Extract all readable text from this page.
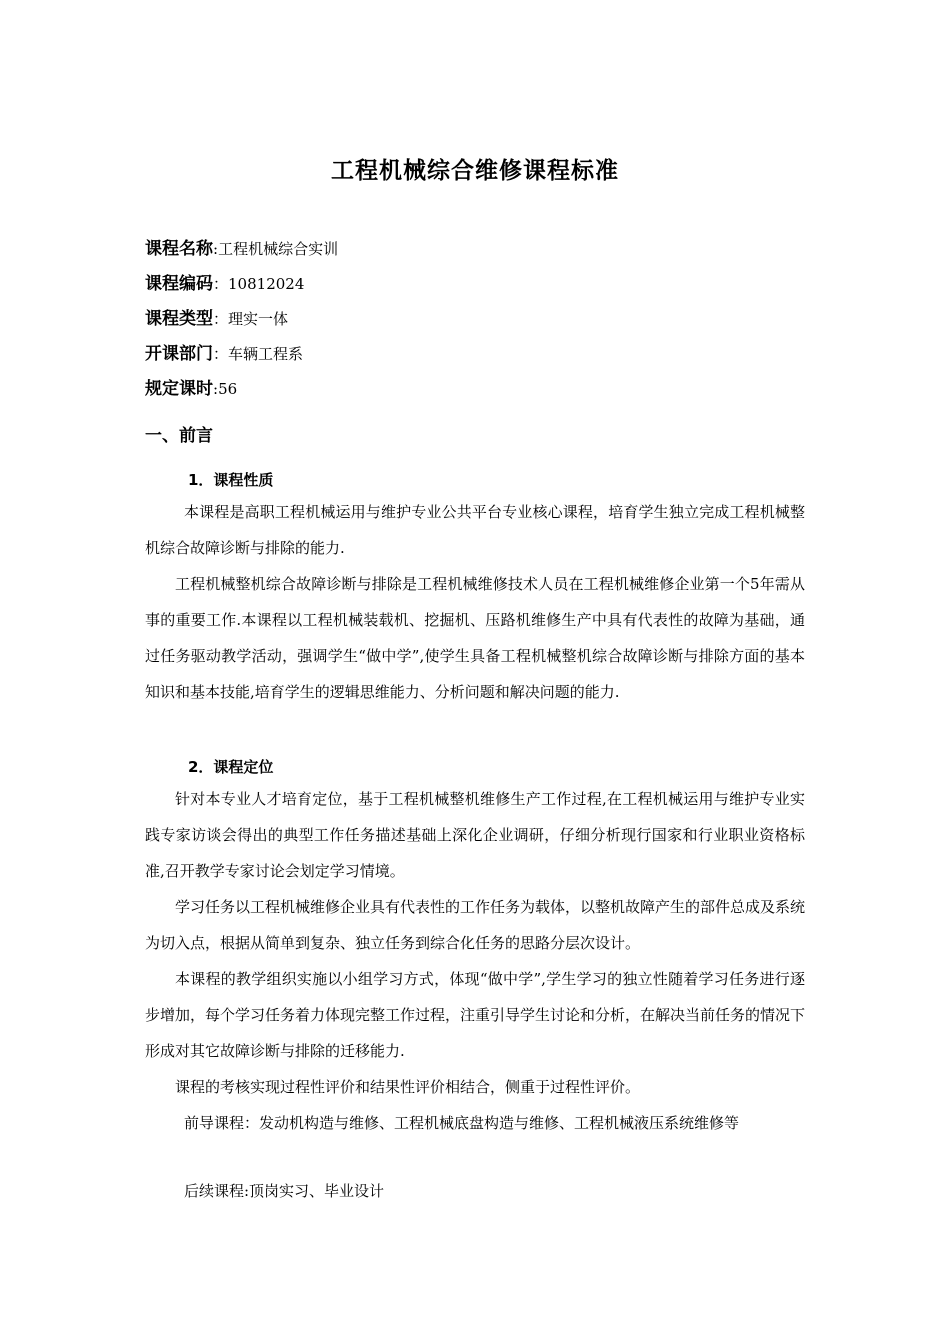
工程机械综合维修课程标准
课程名称:工程机械综合实训
课程编码：10812024
课程类型：理实一体
开课部门：车辆工程系
规定课时:56
一、前言
1．课程性质

本课程是高职工程机械运用与维护专业公共平台专业核心课程，培育学生独立完成工程机械整机综合故障诊断与排除的能力.

工程机械整机综合故障诊断与排除是工程机械维修技术人员在工程机械维修企业第一个5年需从事的重要工作.本课程以工程机械装载机、挖掘机、压路机维修生产中具有代表性的故障为基础，通过任务驱动教学活动，强调学生“做中学”,使学生具备工程机械整机综合故障诊断与排除方面的基本知识和基本技能,培育学生的逻辑思维能力、分析问题和解决问题的能力.

2．课程定位

针对本专业人才培育定位，基于工程机械整机维修生产工作过程,在工程机械运用与维护专业实践专家访谈会得出的典型工作任务描述基础上深化企业调研，仔细分析现行国家和行业职业资格标准,召开教学专家讨论会划定学习情境。

学习任务以工程机械维修企业具有代表性的工作任务为载体，以整机故障产生的部件总成及系统为切入点，根据从简单到复杂、独立任务到综合化任务的思路分层次设计。

本课程的教学组织实施以小组学习方式，体现“做中学”,学生学习的独立性随着学习任务进行逐步增加，每个学习任务着力体现完整工作过程，注重引导学生讨论和分析，在解决当前任务的情况下形成对其它故障诊断与排除的迁移能力.

课程的考核实现过程性评价和结果性评价相结合，侧重于过程性评价。

前导课程：发动机构造与维修、工程机械底盘构造与维修、工程机械液压系统维修等

后续课程:顶岗实习、毕业设计
